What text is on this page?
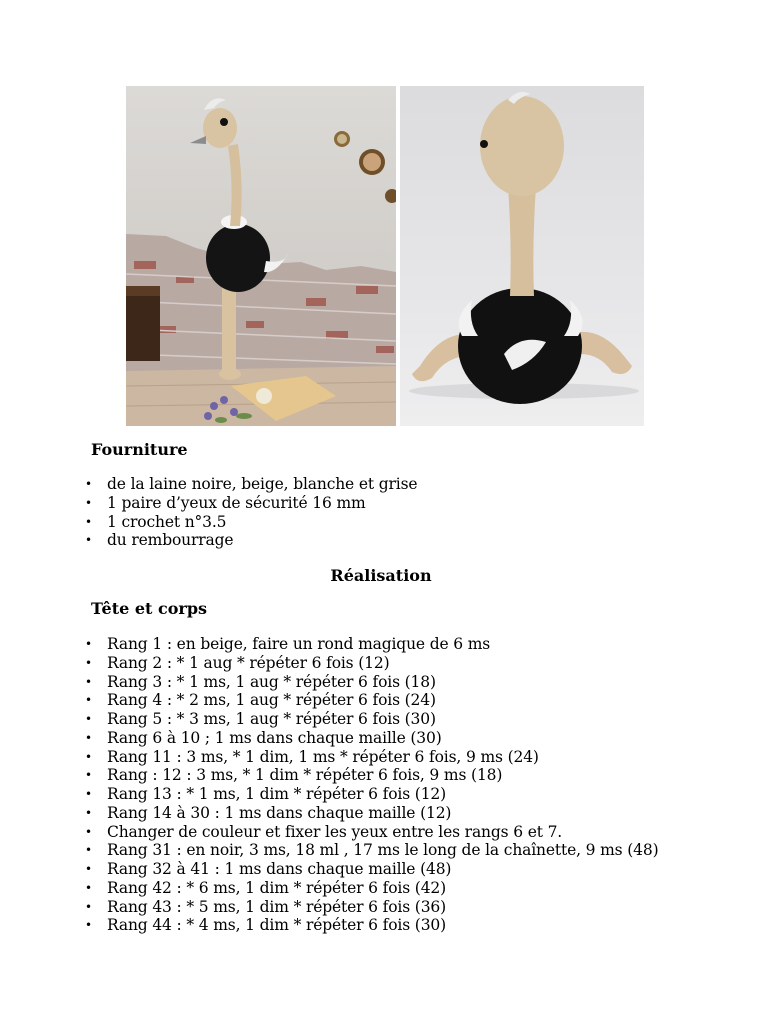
Fourniture
• de la laine noire, beige, blanche et grise
• 1 paire d’yeux de sécurité 16 mm
• 1 crochet n°3.5
• du rembourrage
Réalisation
Tête et corps
• Rang 1 : en beige, faire un rond magique de 6 ms
• Rang 2 : * 1 aug * répéter 6 fois (12)
• Rang 3 : * 1 ms, 1 aug * répéter 6 fois (18)
• Rang 4 : * 2 ms, 1 aug * répéter 6 fois (24)
• Rang 5 : * 3 ms, 1 aug * répéter 6 fois (30)
• Rang 6 à 10 ; 1 ms dans chaque maille (30)
• Rang 11 : 3 ms, * 1 dim, 1 ms * répéter 6 fois, 9 ms (24)
• Rang : 12 : 3 ms, * 1 dim * répéter 6 fois, 9 ms (18)
• Rang 13 : * 1 ms, 1 dim * répéter 6 fois (12)
• Rang 14 à 30 : 1 ms dans chaque maille (12)
• Changer de couleur et fixer les yeux entre les rangs 6 et 7.
• Rang 31 : en noir, 3 ms, 18 ml , 17 ms le long de la chaînette, 9 ms (48)
• Rang 32 à 41 : 1 ms dans chaque maille (48)
• Rang 42 : * 6 ms, 1 dim * répéter 6 fois (42)
• Rang 43 : * 5 ms, 1 dim * répéter 6 fois (36)
• Rang 44 : * 4 ms, 1 dim * répéter 6 fois (30)
